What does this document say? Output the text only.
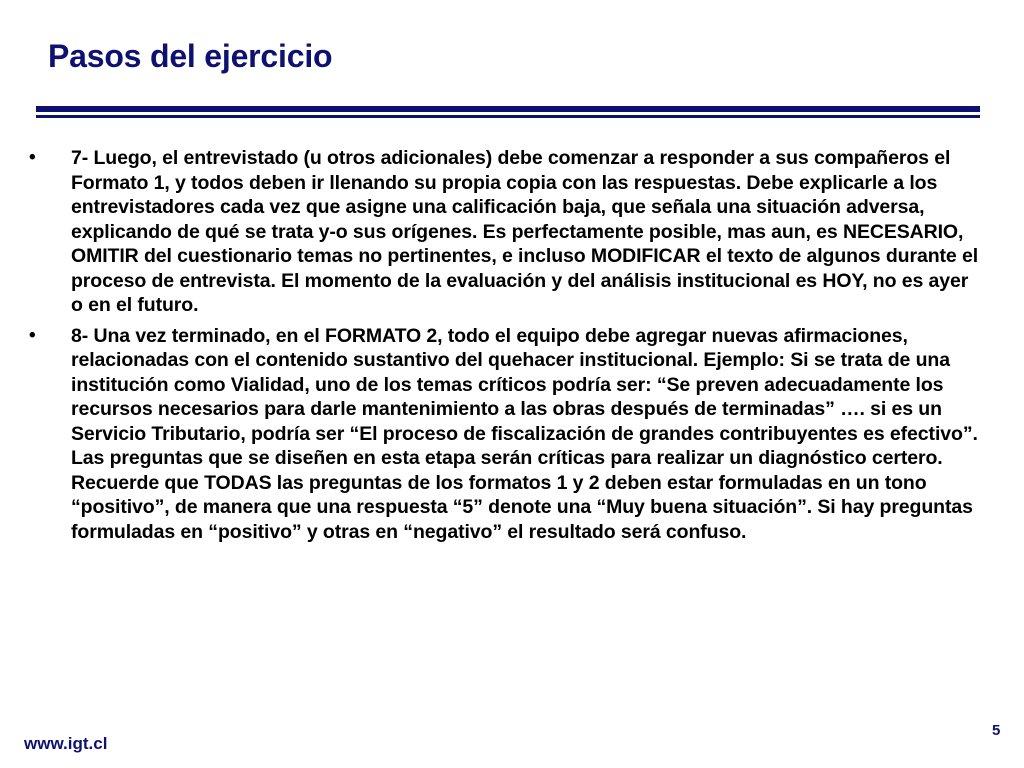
Pasos del ejercicio
• 7- Luego, el entrevistado (u otros adicionales) debe comenzar a responder a sus compañeros el Formato 1, y todos deben ir llenando su propia copia con las respuestas. Debe explicarle a los entrevistadores cada vez que asigne una calificación baja, que señala una situación adversa, explicando de qué se trata y-o sus orígenes. Es perfectamente posible, mas aun, es NECESARIO, OMITIR del cuestionario temas no pertinentes, e incluso MODIFICAR el texto de algunos durante el proceso de entrevista. El momento de la evaluación y del análisis institucional es HOY, no es ayer o en el futuro.
• 8- Una vez terminado, en el FORMATO 2, todo el equipo debe agregar nuevas afirmaciones, relacionadas con el contenido sustantivo del quehacer institucional. Ejemplo: Si se trata de una institución como Vialidad, uno de los temas críticos podría ser: “Se preven adecuadamente los recursos necesarios para darle mantenimiento a las obras después de terminadas” …. si es un Servicio Tributario, podría ser “El proceso de fiscalización de grandes contribuyentes es efectivo”. Las preguntas que se diseñen en esta etapa serán críticas para realizar un diagnóstico certero. Recuerde que TODAS las preguntas de los formatos 1 y 2 deben estar formuladas en un tono “positivo”, de manera que una respuesta “5” denote una “Muy buena situación”. Si hay preguntas formuladas en “positivo” y otras en “negativo” el resultado será confuso.
www.igt.cl
5
